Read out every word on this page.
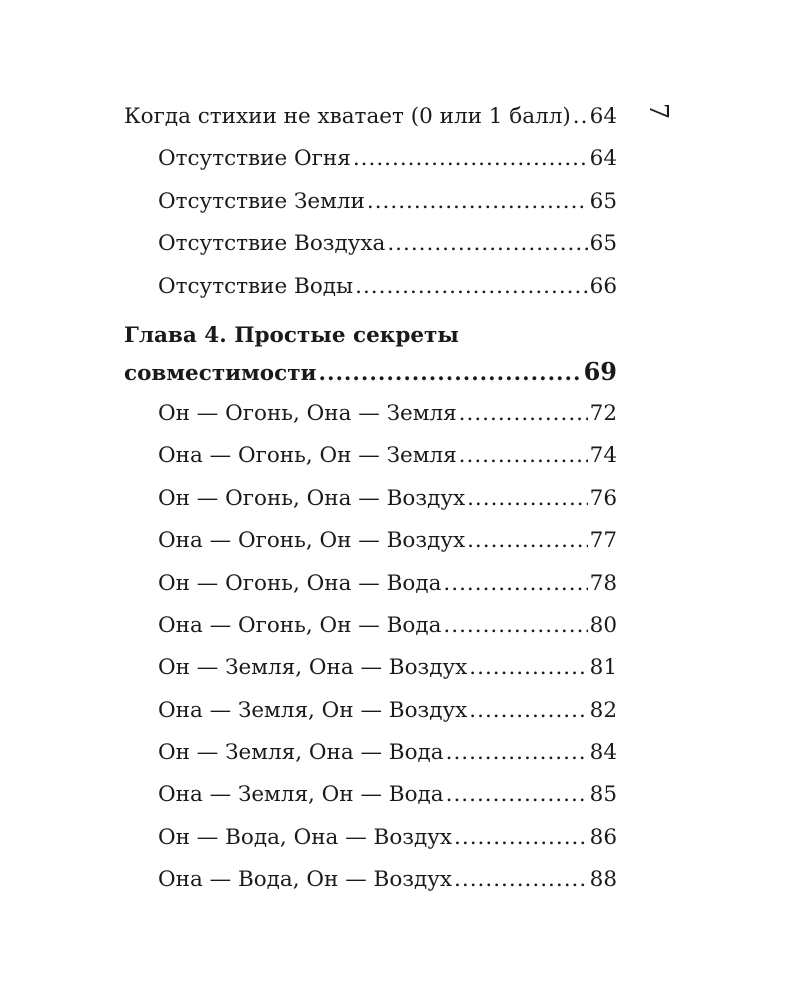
7
Когда стихии не хватает (0 или 1 балл) ..... 64
Отсутствие Огня .....	64
Отсутствие Земли .....	65
Отсутствие Воздуха .....	65
Отсутствие Воды .....	66
Глава 4. Простые секреты
совместимости .....	69
Он — Огонь, Она — Земля .....	72
Она — Огонь, Он — Земля .....	74
Он — Огонь, Она — Воздух .....	76
Она — Огонь, Он — Воздух .....	77
Он — Огонь, Она — Вода .....	78
Она — Огонь, Он — Вода .....	80
Он — Земля, Она — Воздух .....	81
Она — Земля, Он — Воздух .....	82
Он — Земля, Она — Вода .....	84
Она — Земля, Он — Вода .....	85
Он — Вода, Она — Воздух .....	86
Она — Вода, Он — Воздух .....	88
